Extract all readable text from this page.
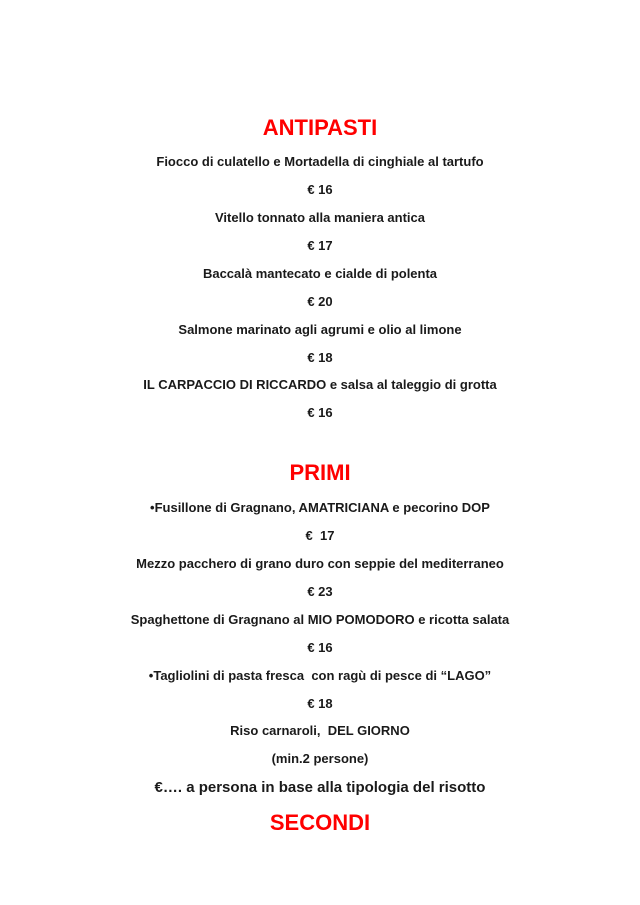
ANTIPASTI
Fiocco di culatello e Mortadella di cinghiale al tartufo
€ 16
Vitello tonnato alla maniera antica
€ 17
Baccalà mantecato e cialde di polenta
€ 20
Salmone marinato agli agrumi e olio al limone
€ 18
IL CARPACCIO DI RICCARDO e salsa al taleggio di grotta
€ 16
PRIMI
•Fusillone di Gragnano, AMATRICIANA e pecorino DOP
€  17
Mezzo pacchero di grano duro con seppie del mediterraneo
€ 23
Spaghettone di Gragnano al MIO POMODORO e ricotta salata
€ 16
•Tagliolini di pasta fresca  con ragù di pesce di “LAGO”
€ 18
Riso carnaroli,  DEL GIORNO
(min.2 persone)
€…. a persona in base alla tipologia del risotto
SECONDI
